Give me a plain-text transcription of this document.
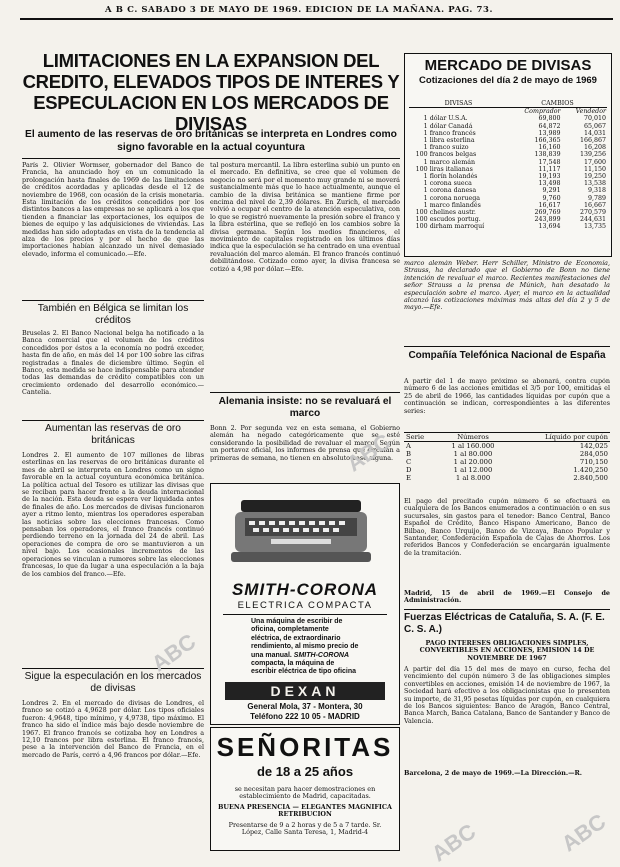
A B C. SABADO 3 DE MAYO DE 1969. EDICION DE LA MAÑANA. PAG. 73.
LIMITACIONES EN LA EXPANSION DEL CREDITO, ELEVADOS TIPOS DE INTERES Y ESPECULACION EN LOS MERCADOS DE DIVISAS
El aumento de las reservas de oro británicas se interpreta en Londres como signo favorable en la actual coyuntura
París 2. Olivier Wormser, gobernador del Banco de Francia, ha anunciado hoy en un comunicado la prolongación hasta finales de 1969 de las limitaciones de créditos acordadas y aplicadas desde el 12 de noviembre de 1968, con ocasión de la crisis monetaria. Esta limitación de los créditos concedidos por los distintos bancos a las empresas no se aplicará a los que tienden a financiar las exportaciones, los equipos de bienes de equipo y las adquisiciones de viviendas. Las medidas han sido adoptadas en vista de la tendencia al alza de los precios y por el hecho de que las importaciones habían alcanzado un nivel demasiado elevado, informa el comunicado.—Efe.
También en Bélgica se limitan los créditos
Bruselas 2. El Banco Nacional belga ha notificado a la Banca comercial que el volumen de los créditos concedidos por éstos a la economía no podrá exceder, hasta fin de año, en más del 14 por 100 sobre las cifras registradas a finales de diciembre último. Según el Banco, esta medida se hace indispensable para atender todas las demandas de crédito compatibles con un crecimiento ordenado del desarrollo económico.—Cantelia.
Aumentan las reservas de oro británicas
Londres 2. El aumento de 107 millones de libras esterlinas en las reservas de oro británicas durante el mes de abril se interpreta en Londres como un signo favorable en la actual coyuntura económica británica. La política actual del Tesoro es utilizar las divisas que se reciban para hacer frente a la deuda internacional de la nación. Esta deuda se espera ver liquidada antes de finales de año. Los mercados de divisas funcionaron ayer a ritmo lento, mientras los operadores esperaban las noticias sobre las elecciones francesas. Como pensaban los operadores, el franco francés continuó perdiendo terreno en la jornada del 24 de abril. Las operaciones de compra de oro se mantuvieron a un nivel bajo. Los ocasionales incrementos de las operaciones se vinculan a rumores sobre las elecciones francesas, lo que da lugar a una especulación a la baja de los cambios del franco.—Efe.
Sigue la especulación en los mercados de divisas
Londres 2. En el mercado de divisas de Londres, el franco se cotizó a 4,9628 por dólar. Los tipos oficiales fueron: 4,9648, tipo mínimo, y 4,9738, tipo máximo. El franco ha sido el índice más bajo desde noviembre de 1967. El franco francés se cotizaba hoy en Londres a 12,10 francos por libra esterlina. El franco francés, pese a la intervención del Banco de Francia, en el mercado de París, cerró a 4,96 francos por dólar.—Efe.
tal postura mercantil. La libra esterlina subió un punto en el mercado. En definitiva, se cree que el volumen de negocio no será por el momento muy grande ni se moverá sustancialmente más que lo hace actualmente, aunque el cambio de la divisa británica se mantiene firme por encima del nivel de 2,39 dólares. En Zurich, el mercado volvió a ocupar el centro de la atención especulativa, con lo que se registró nuevamente la presión sobre el franco y la libra esterlina, que se reflejó en los cambios sobre la divisa germana. Según los medios financieros, el movimiento de capitales registrado en los últimos días indica que la especulación se ha centrado en una eventual revaluación del marco alemán. El franco francés continuó debilitándose. Cotizado como ayer, la divisa francesa se cotizó a 4,98 por dólar.—Efe.
Alemania insiste: no se revaluará el marco
Bonn 2. Por segunda vez en esta semana, el Gobierno alemán ha negado categóricamente que se esté considerando la posibilidad de revaluar el marco. Según un portavoz oficial, los informes de prensa que circulan a primeras de semana, no tienen en absoluto base alguna.
SMITH-CORONA
ELECTRICA COMPACTA
Una máquina de escribir de oficina, completamente eléctrica, de extraordinario rendimiento, al mismo precio de una manual. SMITH-CORONA compacta, la máquina de escribir eléctrica de tipo oficina
DEXAN
General Mola, 37 - Montera, 30
Teléfono 222 10 05 - MADRID
SEÑORITAS
de 18 a 25 años
se necesitan para hacer demostraciones en establecimiento de Madrid, capacitadas.
BUENA PRESENCIA — ELEGANTES MAGNIFICA RETRIBUCION
Presentarse de 9 a 2 horas y de 5 a 7 tarde. Sr. López, Calle Santa Teresa, 1, Madrid-4
MERCADO DE DIVISAS
Cotizaciones del día 2 de mayo de 1969
DIVISAS		CAMBIOS	
		Comprador	Vendedor
1	dólar U.S.A.	69,800	70,010
1	dólar Canadá	64,872	65,067
1	franco francés	13,989	14,031
1	libra esterlina	166,365	166,867
1	franco suizo	16,160	16,208
100	francos belgas	138,839	139,256
1	marco alemán	17,548	17,600
100	liras italianas	11,117	11,150
1	florín holandés	19,193	19,250
1	corona sueca	13,498	13,538
1	corona danesa	9,291	9,318
1	corona noruega	9,760	9,789
1	marco finlandés	16,617	16,667
100	chelines austr.	269,769	270,579
100	escudos portug.	243,899	244,631
100	dirham marroquí	13,694	13,735
marco alemán Weber. Herr Schiller, Ministro de Economía, Strauss, ha declarado que el Gobierno de Bonn no tiene intención de revaluar el marco. Recientes manifestaciones del señor Strauss a la prensa de Múnich, han desatado la especulación sobre el marco. Ayer, el marco en la actualidad alcanzó las cotizaciones máximas más altas del día 2 y 5 de mayo.—Efe.
Compañía Telefónica Nacional de España
A partir del 1 de mayo próximo se abonará, contra cupón número 6 de las acciones emitidas el 3/5 por 100, emitidas el 25 de abril de 1966, las cantidades líquidas por cupón que a continuación se indican, correspondientes a las diferentes series:
Serie	Números	Líquido por cupón
A	1 al 160.000	142,025
B	1 al 80.000	284,050
C	1 al 20.000	710,150
D	1 al 12.000	1.420,250
E	1 al 8.000	2.840,500
El pago del precitado cupón número 6 se efectuará en cualquiera de los Bancos enumerados a continuación o en sus sucursales, sin gastos para el tenedor: Banco Central, Banco Español de Crédito, Banco Hispano Americano, Banco de Bilbao, Banco Urquijo, Banco de Vizcaya, Banco Popular y Santander, Confederación Española de Cajas de Ahorros. Los referidos Bancos y Confederación se encargarán igualmente de la tramitación.
Madrid, 15 de abril de 1969.—El Consejo de Administración.
Fuerzas Eléctricas de Cataluña, S. A. (F. E. C. S. A.)
PAGO INTERESES OBLIGACIONES SIMPLES, CONVERTIBLES EN ACCIONES, EMISION 14 DE NOVIEMBRE DE 1967
A partir del día 15 del mes de mayo en curso, fecha del vencimiento del cupón número 3 de las obligaciones simples convertibles en acciones, emisión 14 de noviembre de 1967, la Sociedad hará efectivo a los obligacionistas que lo presenten su importe, de 31,95 pesetas líquidas por cupón, en cualquiera de los Bancos siguientes: Banco de Aragón, Banco Central, Banca March, Banca Catalana, Banco de Santander y Banco de Valencia.
Barcelona, 2 de mayo de 1969.—La Dirección.—R.
ABC
ABC	ABC
ABC
